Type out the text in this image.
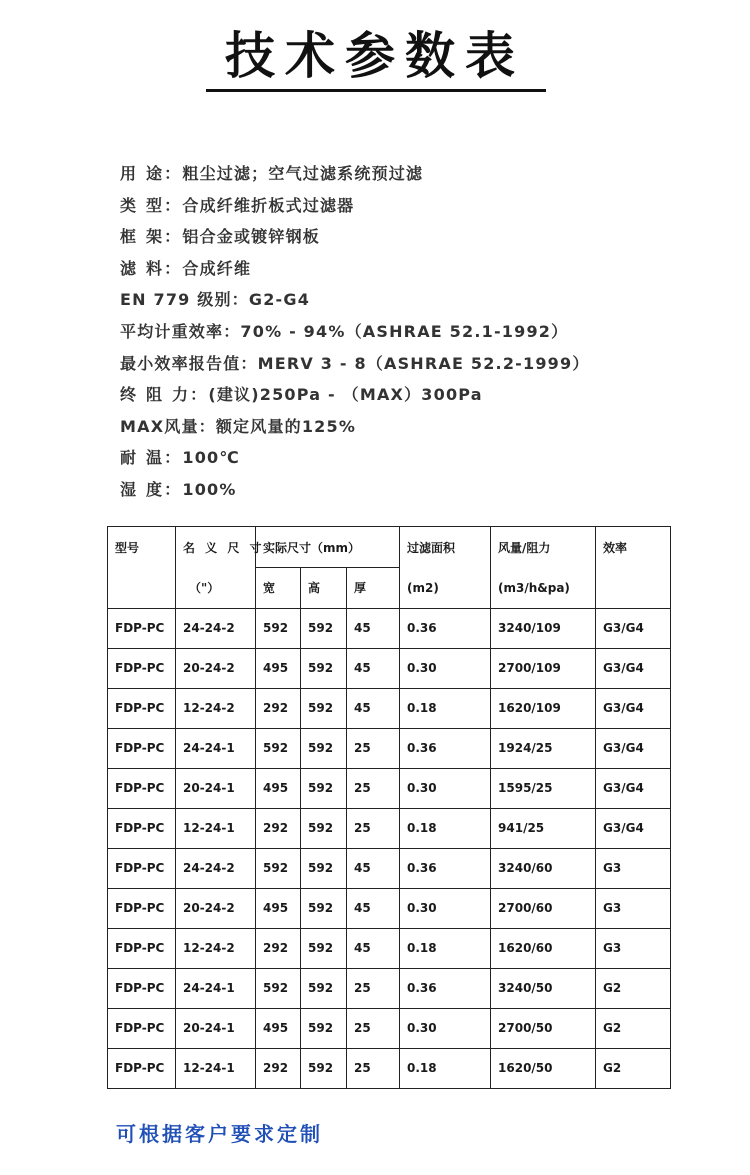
技术参数表
用 途：粗尘过滤；空气过滤系统预过滤
类 型：合成纤维折板式过滤器
框 架：铝合金或镀锌钢板
滤 料：合成纤维
EN 779 级别：G2-G4
平均计重效率：70% - 94%（ASHRAE 52.1-1992）
最小效率报告值：MERV 3 - 8（ASHRAE 52.2-1999）
终 阻 力：(建议)250Pa - （MAX）300Pa
MAX风量：额定风量的125%
耐 温：100℃
湿 度：100%
型号	名 义 尺 寸	实际尺寸（mm）			过滤面积	风量/阻力	效率
	（"）	宽	高	厚	(m2)	(m3/h&pa)	
FDP-PC	24-24-2	592	592	45	0.36	3240/109	G3/G4
FDP-PC	20-24-2	495	592	45	0.30	2700/109	G3/G4
FDP-PC	12-24-2	292	592	45	0.18	1620/109	G3/G4
FDP-PC	24-24-1	592	592	25	0.36	1924/25	G3/G4
FDP-PC	20-24-1	495	592	25	0.30	1595/25	G3/G4
FDP-PC	12-24-1	292	592	25	0.18	941/25	G3/G4
FDP-PC	24-24-2	592	592	45	0.36	3240/60	G3
FDP-PC	20-24-2	495	592	45	0.30	2700/60	G3
FDP-PC	12-24-2	292	592	45	0.18	1620/60	G3
FDP-PC	24-24-1	592	592	25	0.36	3240/50	G2
FDP-PC	20-24-1	495	592	25	0.30	2700/50	G2
FDP-PC	12-24-1	292	592	25	0.18	1620/50	G2
可根据客户要求定制
